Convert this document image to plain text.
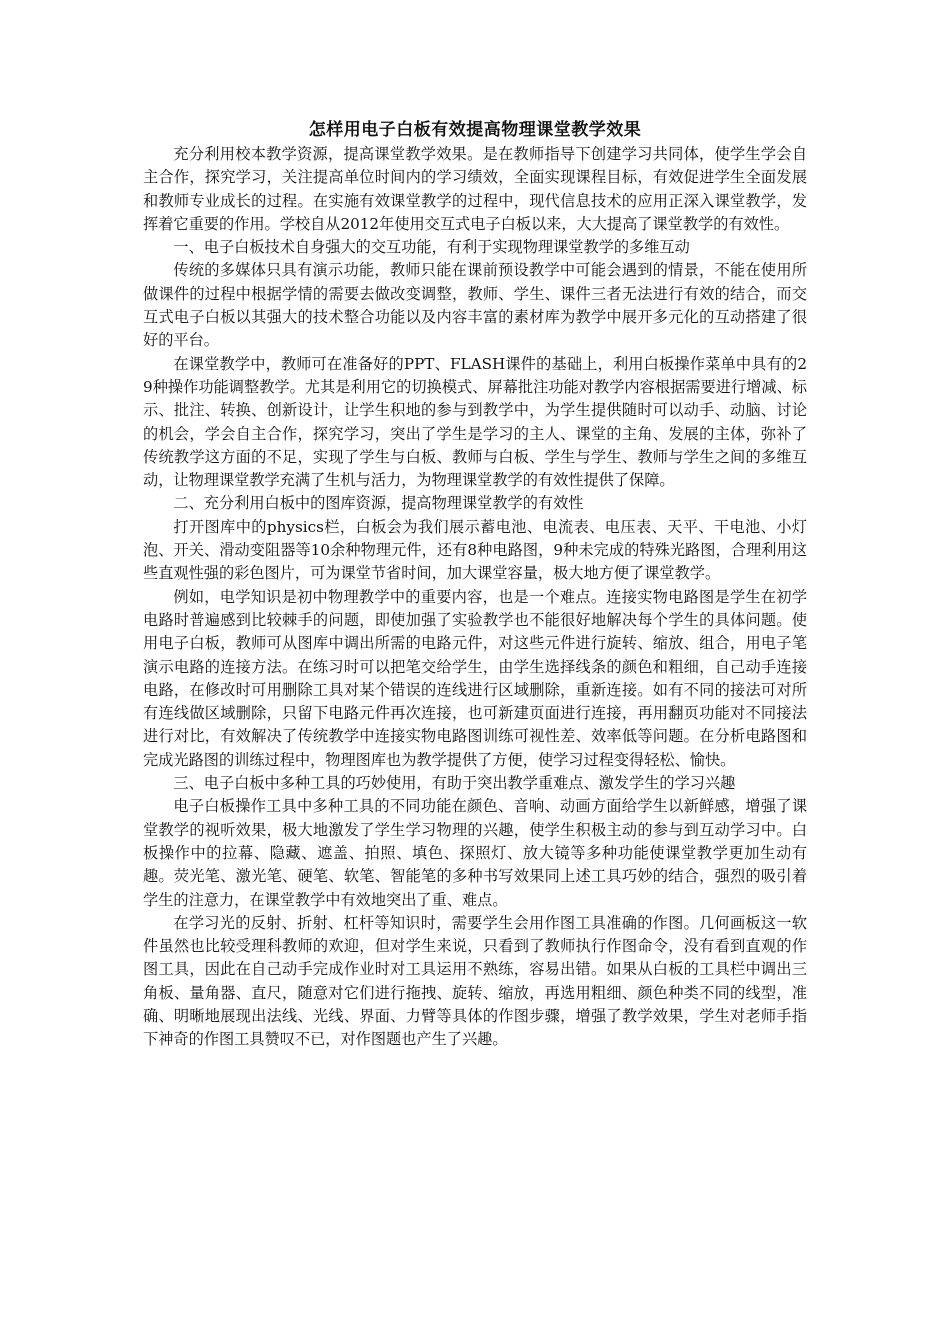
怎样用电子白板有效提高物理课堂教学效果

充分利用校本教学资源，提高课堂教学效果。是在教师指导下创建学习共同体，使学生学会自主合作，探究学习，关注提高单位时间内的学习绩效，全面实现课程目标，有效促进学生全面发展和教师专业成长的过程。在实施有效课堂教学的过程中，现代信息技术的应用正深入课堂教学，发挥着它重要的作用。学校自从2012年使用交互式电子白板以来，大大提高了课堂教学的有效性。

一、电子白板技术自身强大的交互功能，有利于实现物理课堂教学的多维互动

传统的多媒体只具有演示功能，教师只能在课前预设教学中可能会遇到的情景，不能在使用所做课件的过程中根据学情的需要去做改变调整，教师、学生、课件三者无法进行有效的结合，而交互式电子白板以其强大的技术整合功能以及内容丰富的素材库为教学中展开多元化的互动搭建了很好的平台。

在课堂教学中，教师可在准备好的PPT、FLASH课件的基础上，利用白板操作菜单中具有的29种操作功能调整教学。尤其是利用它的切换模式、屏幕批注功能对教学内容根据需要进行增减、标示、批注、转换、创新设计，让学生积地的参与到教学中，为学生提供随时可以动手、动脑、讨论的机会，学会自主合作，探究学习，突出了学生是学习的主人、课堂的主角、发展的主体，弥补了传统教学这方面的不足，实现了学生与白板、教师与白板、学生与学生、教师与学生之间的多维互动，让物理课堂教学充满了生机与活力，为物理课堂教学的有效性提供了保障。

二、充分利用白板中的图库资源，提高物理课堂教学的有效性

打开图库中的physics栏，白板会为我们展示蓄电池、电流表、电压表、天平、干电池、小灯泡、开关、滑动变阻器等10余种物理元件，还有8种电路图，9种未完成的特殊光路图，合理利用这些直观性强的彩色图片，可为课堂节省时间，加大课堂容量，极大地方便了课堂教学。

例如，电学知识是初中物理教学中的重要内容，也是一个难点。连接实物电路图是学生在初学电路时普遍感到比较棘手的问题，即使加强了实验教学也不能很好地解决每个学生的具体问题。使用电子白板，教师可从图库中调出所需的电路元件，对这些元件进行旋转、缩放、组合，用电子笔演示电路的连接方法。在练习时可以把笔交给学生，由学生选择线条的颜色和粗细，自己动手连接电路，在修改时可用删除工具对某个错误的连线进行区域删除，重新连接。如有不同的接法可对所有连线做区域删除，只留下电路元件再次连接，也可新建页面进行连接，再用翻页功能对不同接法进行对比，有效解决了传统教学中连接实物电路图训练可视性差、效率低等问题。在分析电路图和完成光路图的训练过程中，物理图库也为教学提供了方便，使学习过程变得轻松、愉快。

三、电子白板中多种工具的巧妙使用，有助于突出教学重难点、激发学生的学习兴趣

电子白板操作工具中多种工具的不同功能在颜色、音响、动画方面给学生以新鲜感，增强了课堂教学的视听效果，极大地激发了学生学习物理的兴趣，使学生积极主动的参与到互动学习中。白板操作中的拉幕、隐藏、遮盖、拍照、填色、探照灯、放大镜等多种功能使课堂教学更加生动有趣。荧光笔、激光笔、硬笔、软笔、智能笔的多种书写效果同上述工具巧妙的结合，强烈的吸引着学生的注意力，在课堂教学中有效地突出了重、难点。

在学习光的反射、折射、杠杆等知识时，需要学生会用作图工具准确的作图。几何画板这一软件虽然也比较受理科教师的欢迎，但对学生来说，只看到了教师执行作图命令，没有看到直观的作图工具，因此在自己动手完成作业时对工具运用不熟练，容易出错。如果从白板的工具栏中调出三角板、量角器、直尺，随意对它们进行拖拽、旋转、缩放，再选用粗细、颜色种类不同的线型，准确、明晰地展现出法线、光线、界面、力臂等具体的作图步骤，增强了教学效果，学生对老师手指下神奇的作图工具赞叹不已，对作图题也产生了兴趣。
